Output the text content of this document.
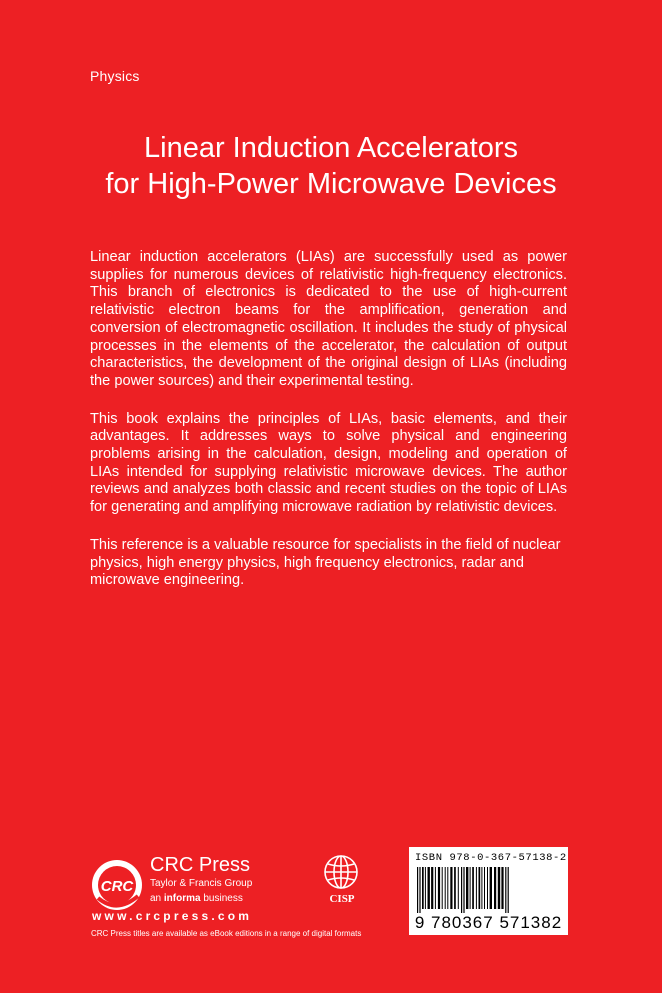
Physics
Linear Induction Accelerators
for High-Power Microwave Devices

Linear induction accelerators (LIAs) are successfully used as power supplies for numerous devices of relativistic high-frequency electronics. This branch of electronics is dedicated to the use of high-current relativistic electron beams for the amplification, generation and conversion of electromagnetic oscillation. It includes the study of physical processes in the elements of the accelerator, the calculation of output characteristics, the development of the original design of LIAs (including the power sources) and their experimental testing.

This book explains the principles of LIAs, basic elements, and their advantages. It addresses ways to solve physical and engineering problems arising in the calculation, design, modeling and operation of LIAs intended for supplying relativistic microwave devices. The author reviews and analyzes both classic and recent studies on the topic of LIAs for generating and amplifying microwave radiation by relativistic devices.

This reference is a valuable resource for specialists in the field of nuclear physics, high energy physics, high frequency electronics, radar and microwave engineering.

CRC
CRC Press
Taylor & Francis Group
an informa business
www.crcpress.com
CRC Press titles are available as eBook editions in a range of digital formats
CISP
ISBN 978-0-367-57138-2
9 780367 571382
